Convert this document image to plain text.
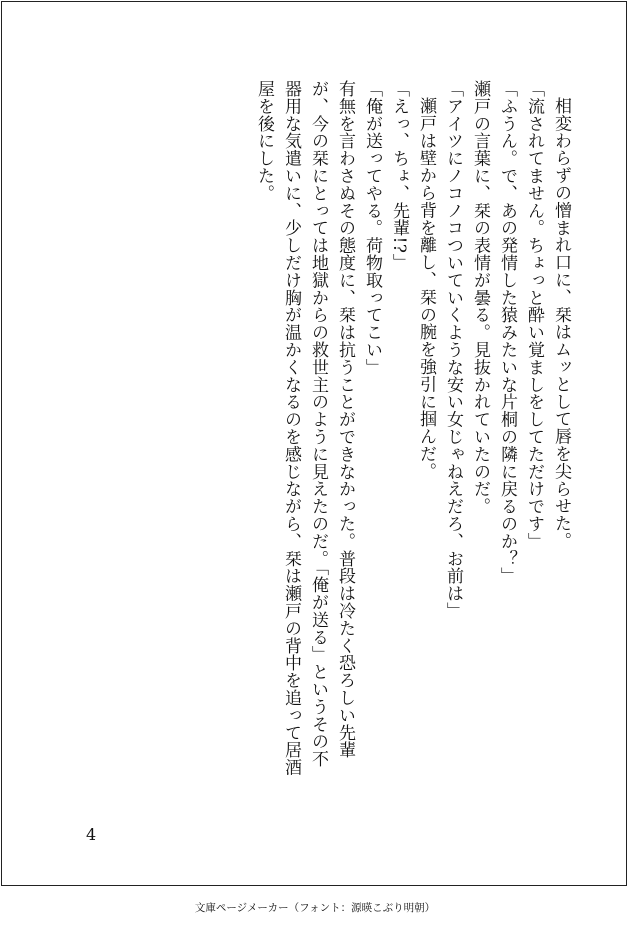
相変わらずの憎まれ口に、栞はムッとして唇を尖らせた。

「流されてません。ちょっと酔い覚ましをしてただけです」

「ふうん。で、あの発情した猿みたいな片桐の隣に戻るのか？」

瀬戸の言葉に、栞の表情が曇る。見抜かれていたのだ。

「アイツにノコノコついていくような安い女じゃねえだろ、お前は」

瀬戸は壁から背を離し、栞の腕を強引に掴んだ。

「えっ、ちょ、先輩!?」

「俺が送ってやる。荷物取ってこい」

有無を言わさぬその態度に、栞は抗うことができなかった。普段は冷たく恐ろしい先輩が、今の栞にとっては地獄からの救世主のように見えたのだ。「俺が送る」というその不器用な気遣いに、少しだけ胸が温かくなるのを感じながら、栞は瀬戸の背中を追って居酒屋を後にした。

4
文庫ページメーカー（フォント：源暎こぶり明朝）
